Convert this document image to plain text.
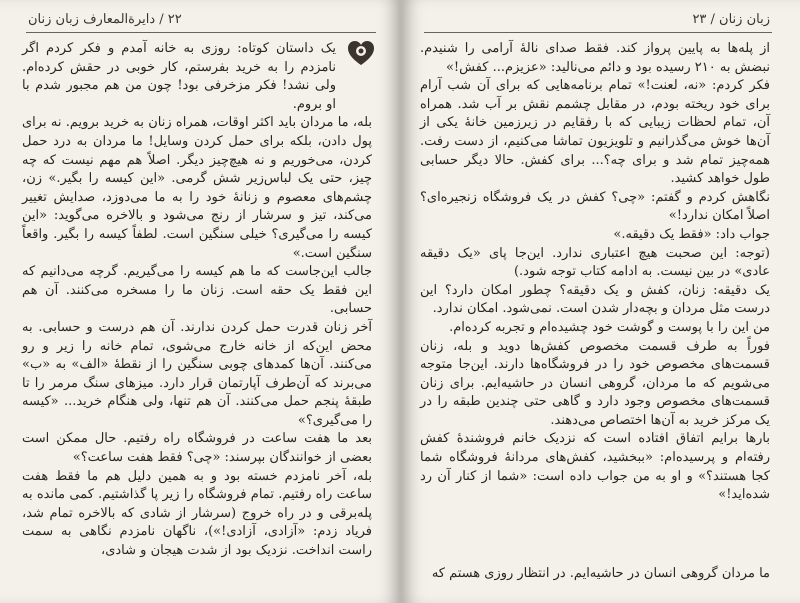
۲۲ / دایرةالمعارف زبان زنان

یک داستان کوتاه: روزی به خانه آمدم و فکر کردم اگر نامزدم را به خرید بفرستم، کار خوبی در حقش کرده‌ام. ولی نشد! فکر مزخرفی بود! چون من هم مجبور شدم با او بروم.

بله، ما مردان باید اکثر اوقات، همراه زنان به خرید برویم. نه برای پول دادن، بلکه برای حمل کردن وسایل! ما مردان به درد حمل کردن، می‌خوریم و نه هیچ‌چیز دیگر. اصلاً هم مهم نیست که چه چیز، حتی یک لباس‌زیر شش گرمی. «این کیسه را بگیر.» زن، چشم‌های معصوم و زنانهٔ خود را به ما می‌دوزد، صدایش تغییر می‌کند، تیز و سرشار از رنج می‌شود و بالاخره می‌گوید: «این کیسه را می‌گیری؟ خیلی سنگین است. لطفاً کیسه را بگیر. واقعاً سنگین است.»

جالب این‌جاست که ما هم کیسه را می‌گیریم. گرچه می‌دانیم که این فقط یک حقه است. زنان ما را مسخره می‌کنند. آن هم حسابی.

آخر زنان قدرت حمل کردن ندارند. آن هم درست و حسابی. به محض این‌که از خانه خارج می‌شوی، تمام خانه را زیر و رو می‌کنند. آن‌ها کمدهای چوبی سنگین را از نقطهٔ «الف» به «ب» می‌برند که آن‌طرف آپارتمان قرار دارد. میزهای سنگ مرمر را تا طبقهٔ پنجم حمل می‌کنند. آن هم تنها، ولی هنگام خرید... «کیسه را می‌گیری؟»

بعد ما هفت ساعت در فروشگاه راه رفتیم. حال ممکن است بعضی از خوانندگان بپرسند: «چی؟ فقط هفت ساعت؟»

بله، آخر نامزدم خسته بود و به همین دلیل هم ما فقط هفت ساعت راه رفتیم. تمام فروشگاه را زیر پا گذاشتیم. کمی مانده به پله‌برقی و در راه خروج (سرشار از شادی که بالاخره تمام شد، فریاد زدم: «آزادی، آزادی!»)، ناگهان نامزدم نگاهی به سمت راست انداخت. نزدیک بود از شدت هیجان و شادی،

زبان زنان / ۲۳

از پله‌ها به پایین پرواز کند. فقط صدای نالهٔ آرامی را شنیدم. نبضش به ۲۱۰ رسیده بود و دائم می‌نالید: «عزیزم... کفش!»

فکر کردم: «نه، لعنت!» تمام برنامه‌هایی که برای آن شب آرام برای خود ریخته بودم، در مقابل چشمم نقش بر آب شد. همراه آن، تمام لحظات زیبایی که با رفقایم در زیرزمین خانهٔ یکی از آن‌ها خوش می‌گذرانیم و تلویزیون تماشا می‌کنیم، از دست رفت. همه‌چیز تمام شد و برای چه؟... برای کفش. حالا دیگر حسابی طول خواهد کشید.

نگاهش کردم و گفتم: «چی؟ کفش در یک فروشگاه زنجیره‌ای؟ اصلاً امکان ندارد!»

جواب داد: «فقط یک دقیقه.»

(توجه: این صحبت هیچ اعتباری ندارد. این‌جا پای «یک دقیقه عادی» در بین نیست. به ادامه کتاب توجه شود.)

یک دقیقه: زنان، کفش و یک دقیقه؟ چطور امکان دارد؟ این درست مثل مردان و بچه‌دار شدن است. نمی‌شود. امکان ندارد.

من این را با پوست و گوشت خود چشیده‌ام و تجربه کرده‌ام.

فوراً به طرف قسمت مخصوص کفش‌ها دوید و بله، زنان قسمت‌های مخصوص خود را در فروشگاه‌ها دارند. این‌جا متوجه می‌شویم که ما مردان، گروهی انسان در حاشیه‌ایم. برای زنان قسمت‌های مخصوص وجود دارد و گاهی حتی چندین طبقه را در یک مرکز خرید به آن‌ها اختصاص می‌دهند.

بارها برایم اتفاق افتاده است که نزدیک خانم فروشندهٔ کفش رفته‌ام و پرسیده‌ام: «ببخشید، کفش‌های مردانهٔ فروشگاه شما کجا هستند؟» و او به من جواب داده است: «شما از کنار آن رد شده‌اید!»

ما مردان گروهی انسان در حاشیه‌ایم. در انتظار روزی هستم که
